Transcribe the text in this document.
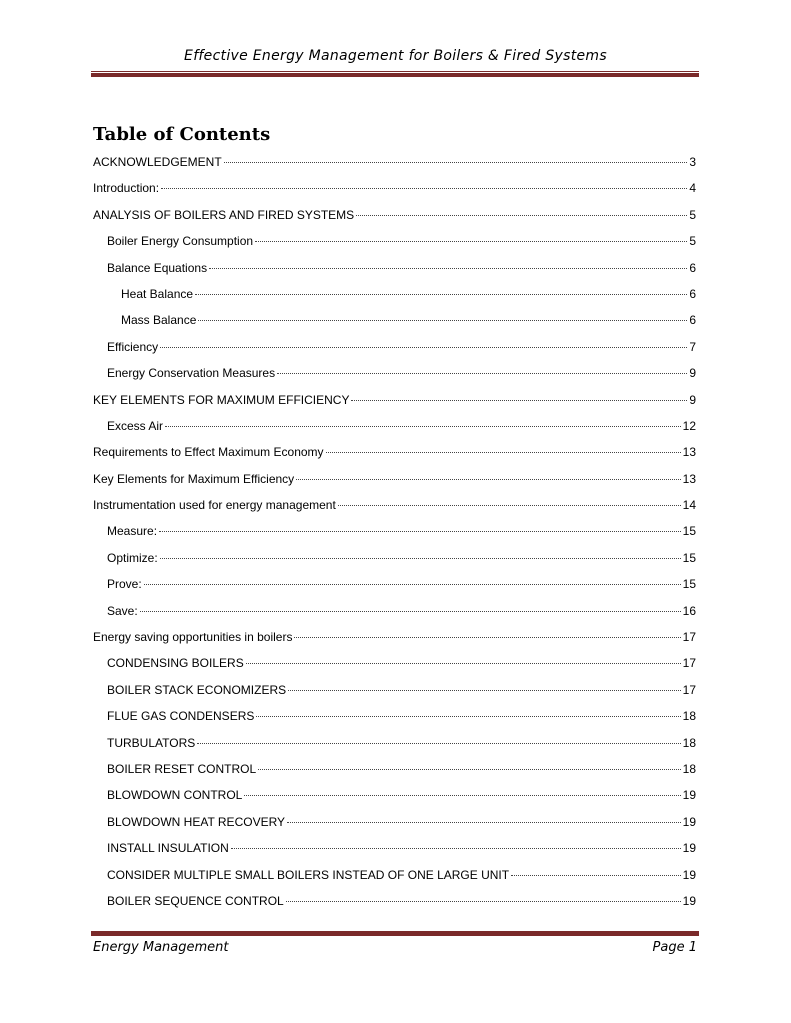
Effective Energy Management for Boilers & Fired Systems
Table of Contents
ACKNOWLEDGEMENT	3
Introduction:	4
ANALYSIS OF BOILERS AND FIRED SYSTEMS	5
Boiler Energy Consumption	5
Balance Equations	6
Heat Balance	6
Mass Balance	6
Efficiency	7
Energy Conservation Measures	9
KEY ELEMENTS FOR MAXIMUM EFFICIENCY	9
Excess Air	12
Requirements to Effect Maximum Economy	13
Key Elements for Maximum Efficiency	13
Instrumentation used for energy management	14
Measure:	15
Optimize:	15
Prove:	15
Save:	16
Energy saving opportunities in boilers	17
CONDENSING BOILERS	17
BOILER STACK ECONOMIZERS	17
FLUE GAS CONDENSERS	18
TURBULATORS	18
BOILER RESET CONTROL	18
BLOWDOWN CONTROL	19
BLOWDOWN HEAT RECOVERY	19
INSTALL INSULATION	19
CONSIDER MULTIPLE SMALL BOILERS INSTEAD OF ONE LARGE UNIT	19
BOILER SEQUENCE CONTROL	19
Energy Management	Page 1
